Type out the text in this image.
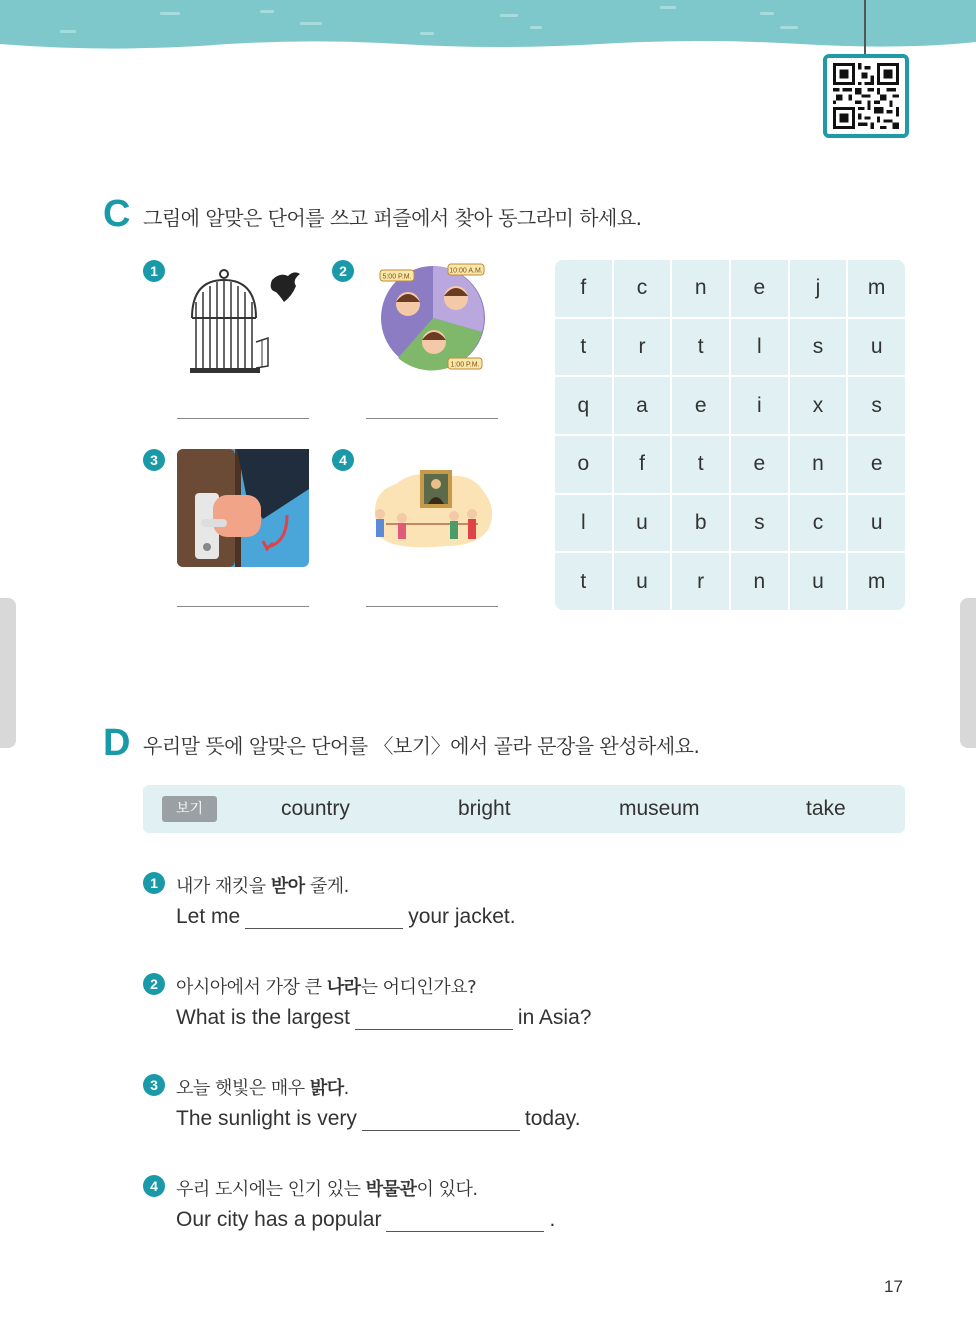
C 그림에 알맞은 단어를 쓰고 퍼즐에서 찾아 동그라미 하세요.
1	2	5:00 P.M.
10:00 A.M.
1:00 P.M.
3	4
f	c	n	e	j	m
t	r	t	l	s	u
q	a	e	i	x	s
o	f	t	e	n	e
l	u	b	s	c	u
t	u	r	n	u	m
D 우리말 뜻에 알맞은 단어를 〈보기〉에서 골라 문장을 완성하세요.
보기	country	bright	museum	take
1	내가 재킷을 받아 줄게.
Let me	your jacket.
2	아시아에서 가장 큰 나라는 어디인가요?
What is the largest	in Asia?
3	오늘 햇빛은 매우 밝다.
The sunlight is very	today.
4	우리 도시에는 인기 있는 박물관이 있다.
Our city has a popular	.
17
